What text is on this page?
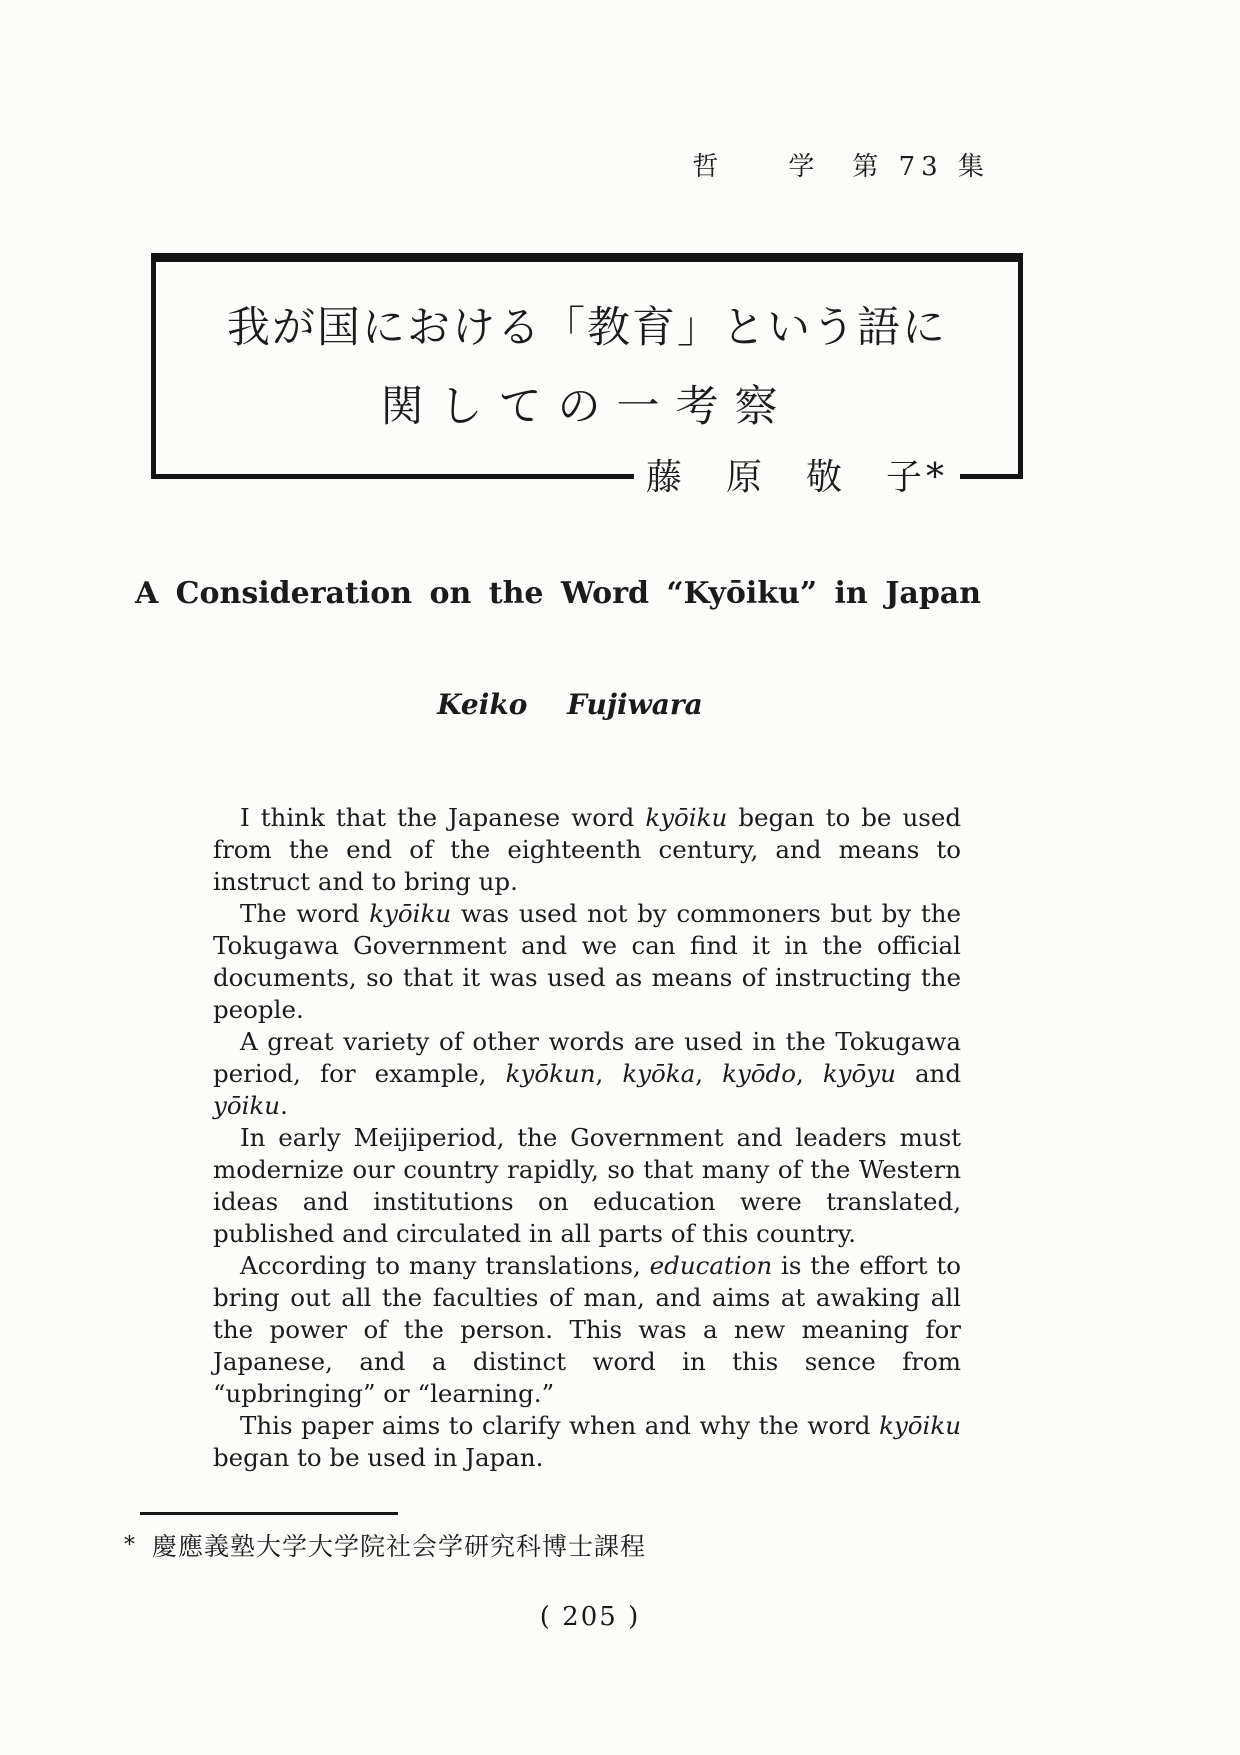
哲　　学　第 73 集
我が国における「教育」という語に
関しての一考察
藤　原　敬　子*
A Consideration on the Word “Kyōiku” in Japan
Keiko Fujiwara

I think that the Japanese word kyōiku began to be used from the end of the eighteenth century, and means to instruct and to bring up.

The word kyōiku was used not by commoners but by the Tokugawa Government and we can find it in the official documents, so that it was used as means of instructing the people.

A great variety of other words are used in the Tokugawa period, for example, kyōkun, kyōka, kyōdo, kyōyu and yōiku.

In early Meijiperiod, the Government and leaders must modernize our country rapidly, so that many of the Western ideas and institutions on education were translated, published and circulated in all parts of this country.

According to many translations, education is the effort to bring out all the faculties of man, and aims at awaking all the power of the person. This was a new meaning for Japanese, and a distinct word in this sence from “upbringing” or “learning.”

This paper aims to clarify when and why the word kyōiku began to be used in Japan.

* 慶應義塾大学大学院社会学研究科博士課程
( 205 )
